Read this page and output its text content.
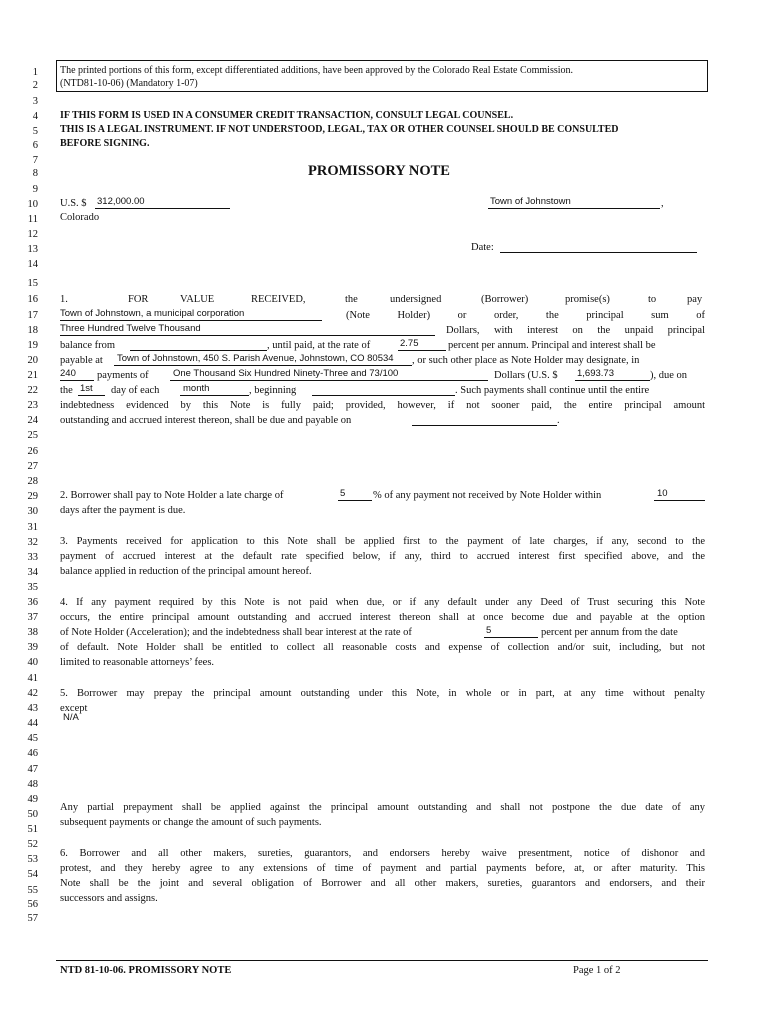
1
2
3
4
5
6
7
8
9
10
11
12
13
14
15
16
17
18
19
20
21
22
23
24
25
26
27
28
29
30
31
32
33
34
35
36
37
38
39
40
41
42
43
44
45
46
47
48
49
50
51
52
53
54
55
56
57
The printed portions of this form, except differentiated additions, have been approved by the Colorado Real Estate Commission.
(NTD81-10-06) (Mandatory 1-07)
IF THIS FORM IS USED IN A CONSUMER CREDIT TRANSACTION, CONSULT LEGAL COUNSEL.
THIS IS A LEGAL INSTRUMENT. IF NOT UNDERSTOOD, LEGAL, TAX OR OTHER COUNSEL SHOULD BE CONSULTED
BEFORE SIGNING.
PROMISSORY NOTE
U.S. $ 312,000.00	Town of Johnstown	,
Colorado
Date:
1.	FOR	VALUE	RECEIVED,	the	undersigned	(Borrower)	promise(s)	to	pay
Town of Johnstown, a municipal corporation	(Note Holder) or order, the principal sum of
Three Hundred Twelve Thousand	Dollars, with interest on the unpaid principal
balance from	, until paid, at the rate of	2.75	percent per annum. Principal and interest shall be
payable at Town of Johnstown, 450 S. Parish Avenue, Johnstown, CO 80534 , or such other place as Note Holder may designate, in
240 payments of	One Thousand Six Hundred Ninety-Three and 73/100	Dollars (U.S. $ 1,693.73	), due on
the 1st day of each month	, beginning	. Such payments shall continue until the entire
indebtedness evidenced by this Note is fully paid; provided, however, if not sooner paid, the entire principal amount
outstanding and accrued interest thereon, shall be due and payable on	.
2. Borrower shall pay to Note Holder a late charge of	5	% of any payment not received by Note Holder within	10
days after the payment is due.
3. Payments received for application to this Note shall be applied first to the payment of late charges, if any, second to the
payment of accrued interest at the default rate specified below, if any, third to accrued interest first specified above, and the
balance applied in reduction of the principal amount hereof.
4. If any payment required by this Note is not paid when due, or if any default under any Deed of Trust securing this Note
occurs, the entire principal amount outstanding and accrued interest thereon shall at once become due and payable at the option
of Note Holder (Acceleration); and the indebtedness shall bear interest at the rate of	5	percent per annum from the date
of default. Note Holder shall be entitled to collect all reasonable costs and expense of collection and/or suit, including, but not
limited to reasonable attorneys’ fees.
5. Borrower may prepay the principal amount outstanding under this Note, in whole or in part, at any time without penalty
except
N/A
Any partial prepayment shall be applied against the principal amount outstanding and shall not postpone the due date of any
subsequent payments or change the amount of such payments.
6. Borrower and all other makers, sureties, guarantors, and endorsers hereby waive presentment, notice of dishonor and
protest, and they hereby agree to any extensions of time of payment and partial payments before, at, or after maturity. This
Note shall be the joint and several obligation of Borrower and all other makers, sureties, guarantors and endorsers, and their
successors and assigns.
NTD 81-10-06. PROMISSORY NOTE	Page 1 of 2
